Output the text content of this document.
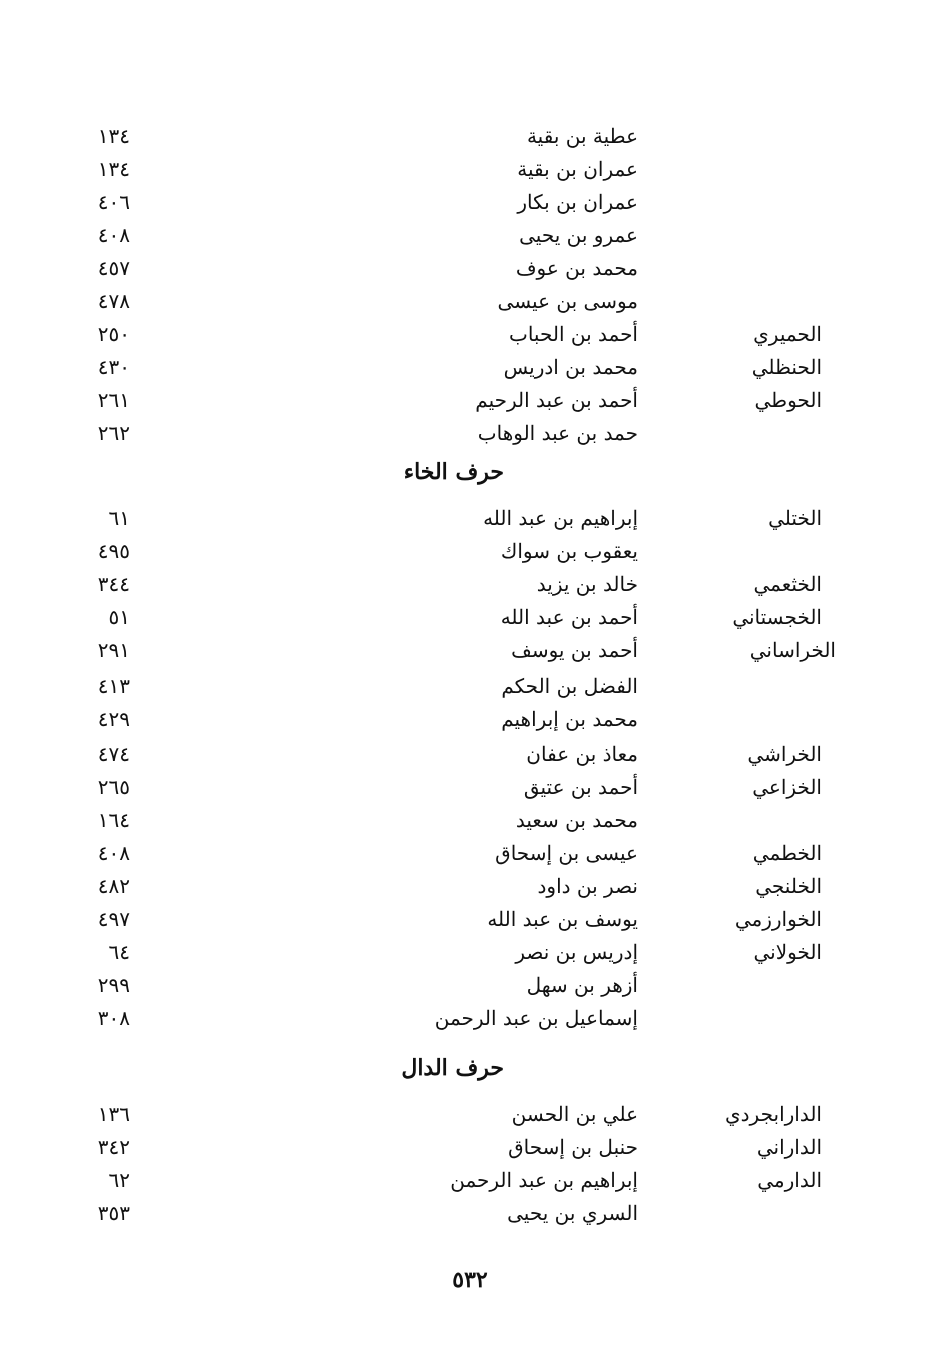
عطية بن بقية
١٣٤
عمران بن بقية
١٣٤
عمران بن بكار
٤٠٦
عمرو بن يحيى
٤٠٨
محمد بن عوف
٤٥٧
موسى بن عيسى
٤٧٨
الحميري
أحمد بن الحباب
٢٥٠
الحنظلي
محمد بن ادريس
٤٣٠
الحوطي
أحمد بن عبد الرحيم
٢٦١
حمد بن عبد الوهاب
٢٦٢
حرف الخاء
الختلي
إبراهيم بن عبد الله
٦١
يعقوب بن سواك
٤٩٥
الخثعمي
خالد بن يزيد
٣٤٤
الخجستاني
أحمد بن عبد الله
٥١
الخراساني
أحمد بن يوسف
٢٩١
الفضل بن الحكم
٤١٣
محمد بن إبراهيم
٤٢٩
الخراشي
معاذ بن عفان
٤٧٤
الخزاعي
أحمد بن عتيق
٢٦٥
محمد بن سعيد
١٦٤
الخطمي
عيسى بن إسحاق
٤٠٨
الخلنجي
نصر بن داود
٤٨٢
الخوارزمي
يوسف بن عبد الله
٤٩٧
الخولاني
إدريس بن نصر
٦٤
أزهر بن سهل
٢٩٩
إسماعيل بن عبد الرحمن
٣٠٨
حرف الدال
الدارابجردي
علي بن الحسن
١٣٦
الداراني
حنبل بن إسحاق
٣٤٢
الدارمي
إبراهيم بن عبد الرحمن
٦٢
السري بن يحيى
٣٥٣
٥٣٢
